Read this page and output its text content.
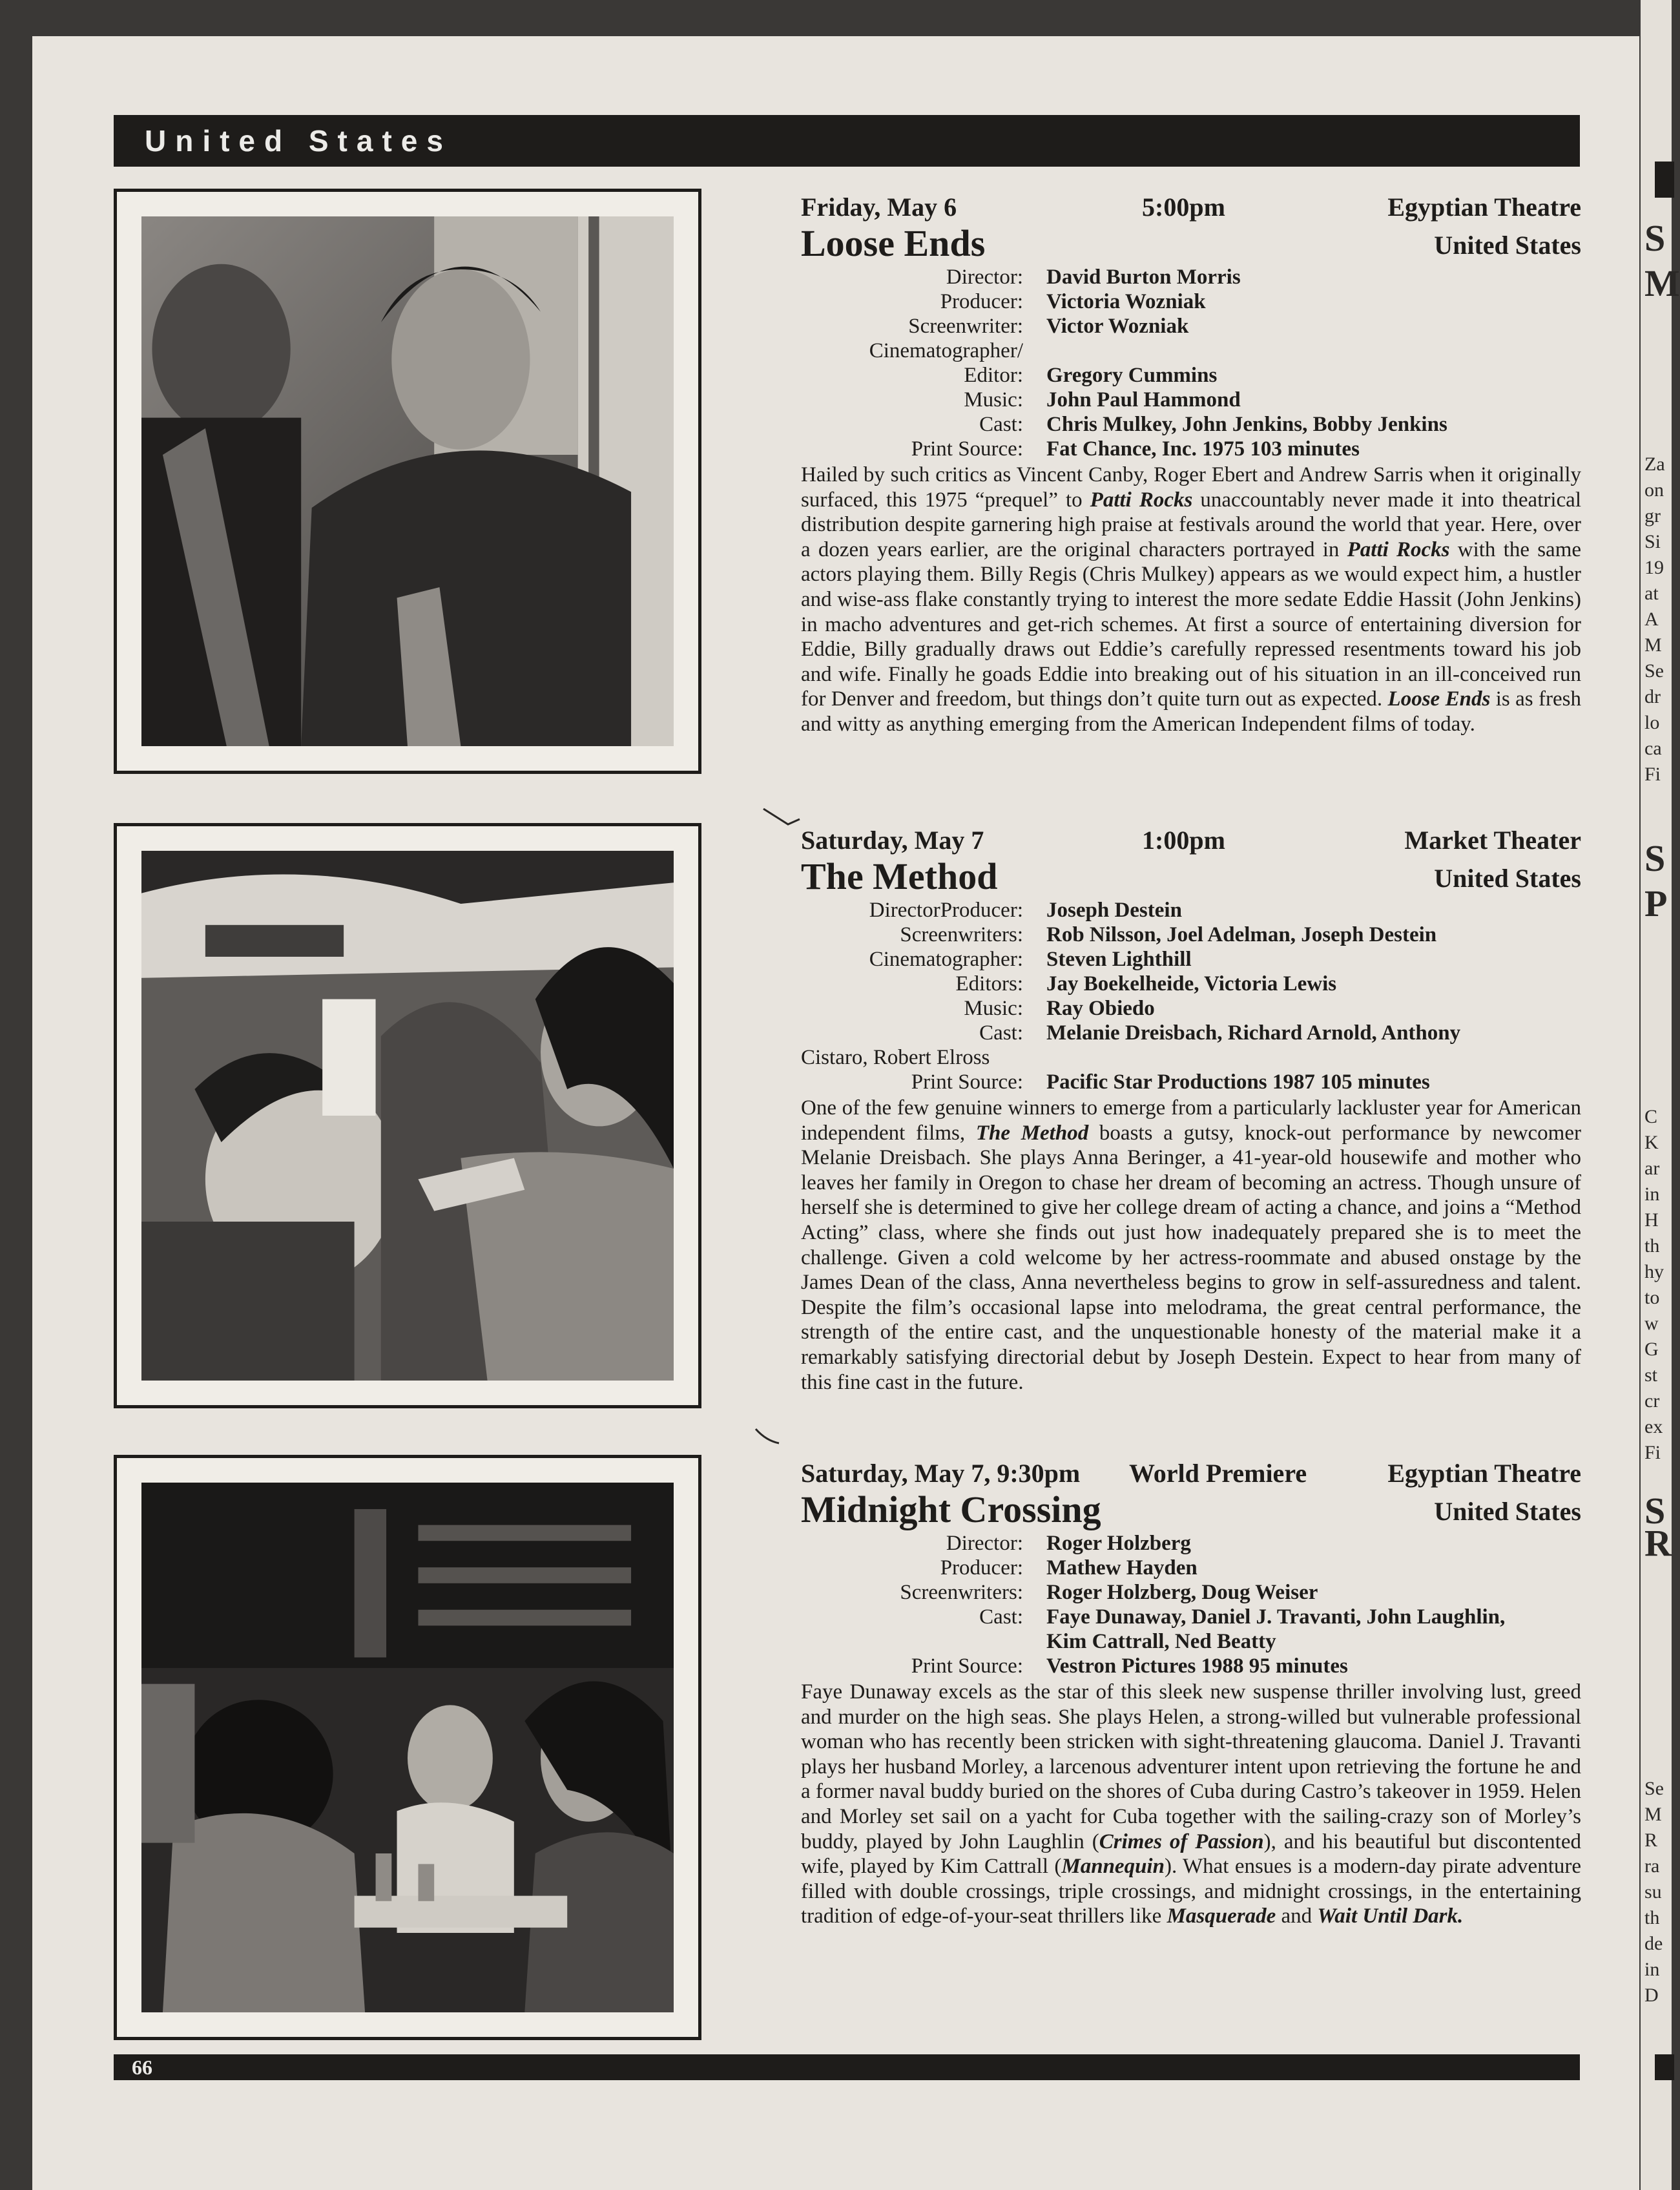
S
M
Za
on
gr
Si
19
at
A
M
Se
dr
lo
ca
Fi
S
P
C
K
ar
in
H
th
hy
to
w
G
st
cr
ex
Fi
S
R
Se
M
R
ra
su
th
de
in
D
United States
Friday, May 6	5:00pm	Egyptian Theatre
Loose Ends	United States
Director:	David Burton Morris
Producer:	Victoria Wozniak
Screenwriter:	Victor Wozniak
Cinematographer/
Editor:	Gregory Cummins
Music:	John Paul Hammond
Cast:	Chris Mulkey, John Jenkins, Bobby Jenkins
Print Source:	Fat Chance, Inc. 1975 103 minutes

Hailed by such critics as Vincent Canby, Roger Ebert and Andrew Sarris when it originally surfaced, this 1975 “prequel” to Patti Rocks unaccountably never made it into theatrical distribution despite garnering high praise at festivals around the world that year. Here, over a dozen years earlier, are the original characters portrayed in Patti Rocks with the same actors playing them. Billy Regis (Chris Mulkey) appears as we would expect him, a hustler and wise-ass flake constantly trying to interest the more sedate Eddie Hassit (John Jenkins) in macho adventures and get-rich schemes. At first a source of entertaining diversion for Eddie, Billy gradually draws out Eddie’s carefully repressed resentments toward his job and wife. Finally he goads Eddie into breaking out of his situation in an ill-conceived run for Denver and freedom, but things don’t quite turn out as expected. Loose Ends is as fresh and witty as anything emerging from the American Independent films of today.

Saturday, May 7	1:00pm	Market Theater
The Method	United States
DirectorProducer:	Joseph Destein
Screenwriters:	Rob Nilsson, Joel Adelman, Joseph Destein
Cinematographer:	Steven Lighthill
Editors:	Jay Boekelheide, Victoria Lewis
Music:	Ray Obiedo
Cast:	Melanie Dreisbach, Richard Arnold, Anthony
Cistaro, Robert Elross
Print Source:	Pacific Star Productions 1987 105 minutes

One of the few genuine winners to emerge from a particularly lackluster year for American independent films, The Method boasts a gutsy, knock-out performance by newcomer Melanie Dreisbach. She plays Anna Beringer, a 41-year-old housewife and mother who leaves her family in Oregon to chase her dream of becoming an actress. Though unsure of herself she is determined to give her college dream of acting a chance, and joins a “Method Acting” class, where she finds out just how inadequately prepared she is to meet the challenge. Given a cold welcome by her actress-roommate and abused onstage by the James Dean of the class, Anna nevertheless begins to grow in self-assuredness and talent. Despite the film’s occasional lapse into melodrama, the great central performance, the strength of the entire cast, and the unquestionable honesty of the material make it a remarkably satisfying directorial debut by Joseph Destein. Expect to hear from many of this fine cast in the future.

Saturday, May 7, 9:30pm World Premiere	Egyptian Theatre
Midnight Crossing	United States
Director:	Roger Holzberg
Producer:	Mathew Hayden
Screenwriters:	Roger Holzberg, Doug Weiser
Cast:	Faye Dunaway, Daniel J. Travanti, John Laughlin,
Kim Cattrall, Ned Beatty
Print Source:	Vestron Pictures 1988 95 minutes

Faye Dunaway excels as the star of this sleek new suspense thriller involving lust, greed and murder on the high seas. She plays Helen, a strong-willed but vulnerable professional woman who has recently been stricken with sight-threatening glaucoma. Daniel J. Travanti plays her husband Morley, a larcenous adventurer intent upon retrieving the fortune he and a former naval buddy buried on the shores of Cuba during Castro’s takeover in 1959. Helen and Morley set sail on a yacht for Cuba together with the sailing-crazy son of Morley’s buddy, played by John Laughlin (Crimes of Passion), and his beautiful but discontented wife, played by Kim Cattrall (Mannequin). What ensues is a modern-day pirate adventure filled with double crossings, triple crossings, and midnight crossings, in the entertaining tradition of edge-of-your-seat thrillers like Masquerade and Wait Until Dark.

66
